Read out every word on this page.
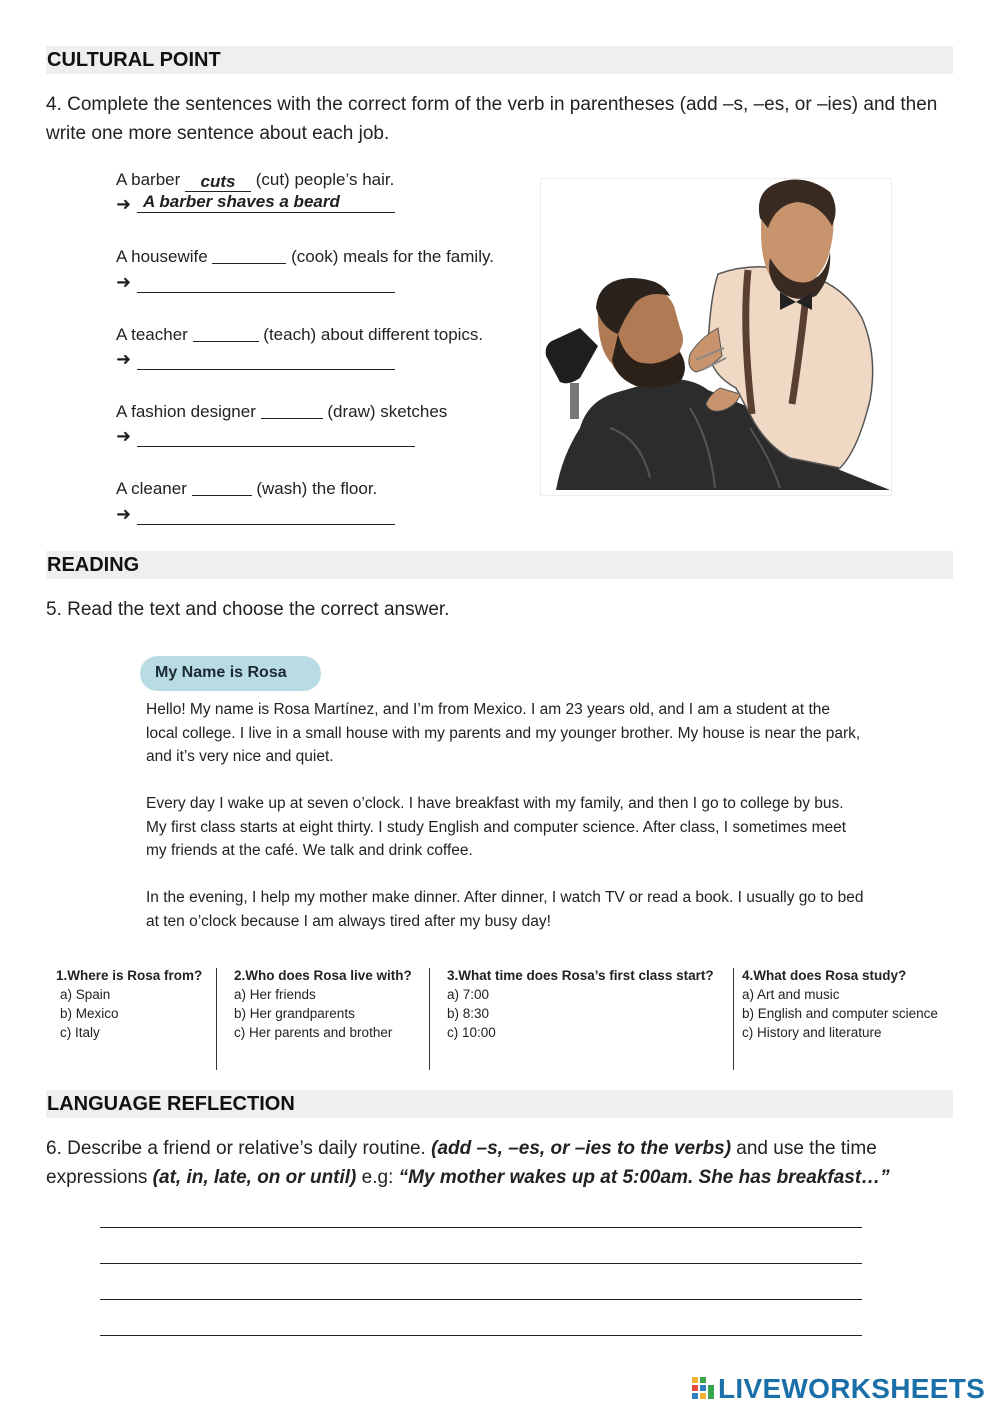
CULTURAL POINT
4. Complete the sentences with the correct form of the verb in parentheses (add –s, –es, or –ies) and then write one more sentence about each job.
A barber cuts (cut) people’s hair.
➜ A barber shaves a beard
A housewife	(cook) meals for the family.
➜
A teacher	(teach) about different topics.
➜
A fashion designer	(draw) sketches
➜
A cleaner	(wash) the floor.
➜
READING
5. Read the text and choose the correct answer.
My Name is Rosa
Hello! My name is Rosa Martínez, and I’m from Mexico. I am 23 years old, and I am a student at the local college. I live in a small house with my parents and my younger brother. My house is near the park, and it’s very nice and quiet.
Every day I wake up at seven o’clock. I have breakfast with my family, and then I go to college by bus. My first class starts at eight thirty. I study English and computer science. After class, I sometimes meet my friends at the café. We talk and drink coffee.
In the evening, I help my mother make dinner. After dinner, I watch TV or read a book. I usually go to bed at ten o’clock because I am always tired after my busy day!
1.Where is Rosa from?
a) Spain
b) Mexico
c) Italy
2.Who does Rosa live with?
a) Her friends
b) Her grandparents
c) Her parents and brother
3.What time does Rosa’s first class start?
a) 7:00
b) 8:30
c) 10:00
4.What does Rosa study?
a) Art and music
b) English and computer science
c) History and literature
LANGUAGE REFLECTION
6. Describe a friend or relative’s daily routine. (add –s, –es, or –ies to the verbs) and use the time expressions (at, in, late, on or until) e.g: “My mother wakes up at 5:00am. She has breakfast…”
LIVEWORKSHEETS
